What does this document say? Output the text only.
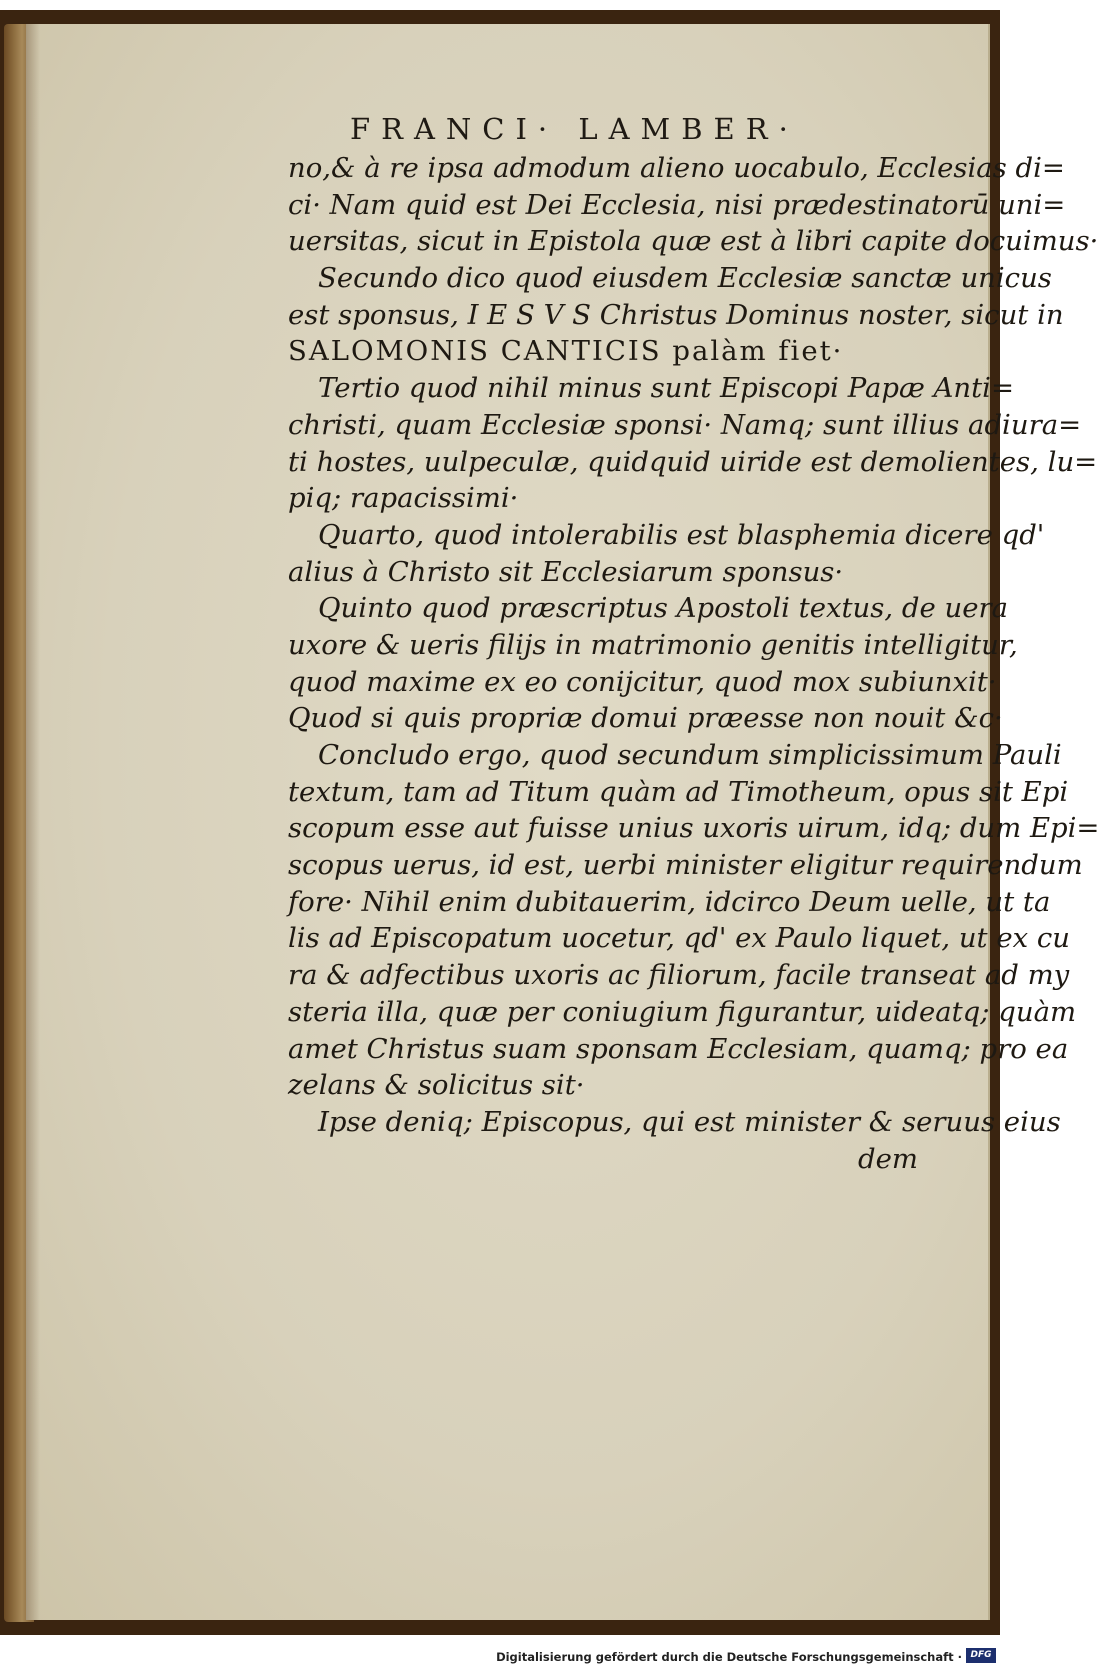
FRANCI· LAMBER·
no,& à re ipsa admodum alieno uocabulo, Ecclesias di=
ci· Nam quid est Dei Ecclesia, nisi prædestinatorū uni=
uersitas, sicut in Epistola quæ est à libri capite docuimus·
Secundo dico quod eiusdem Ecclesiæ sanctæ unicus
est sponsus, I E S V S Christus Dominus noster, sicut in
SALOMONIS CANTICIS palàm fiet·
Tertio quod nihil minus sunt Episcopi Papæ Anti=
christi, quam Ecclesiæ sponsi· Namq; sunt illius adiura=
ti hostes, uulpeculæ, quidquid uiride est demolientes, lu=
piq; rapacissimi·
Quarto, quod intolerabilis est blasphemia dicere qd'
alius à Christo sit Ecclesiarum sponsus·
Quinto quod præscriptus Apostoli textus, de uera
uxore & ueris filijs in matrimonio genitis intelligitur,
quod maxime ex eo conijcitur, quod mox subiunxit·
Quod si quis propriæ domui præesse non nouit &c·
Concludo ergo, quod secundum simplicissimum Pauli
textum, tam ad Titum quàm ad Timotheum, opus sit Epi
scopum esse aut fuisse unius uxoris uirum, idq; dum Epi=
scopus uerus, id est, uerbi minister eligitur requirendum
fore· Nihil enim dubitauerim, idcirco Deum uelle, ut ta
lis ad Episcopatum uocetur, qd' ex Paulo liquet, ut ex cu
ra & adfectibus uxoris ac filiorum, facile transeat ad my
steria illa, quæ per coniugium figurantur, uideatq; quàm
amet Christus suam sponsam Ecclesiam, quamq; pro ea
zelans & solicitus sit·
Ipse deniq; Episcopus, qui est minister & seruus eius
dem
Digitalisierung gefördert durch die Deutsche Forschungsgemeinschaft · DFG
